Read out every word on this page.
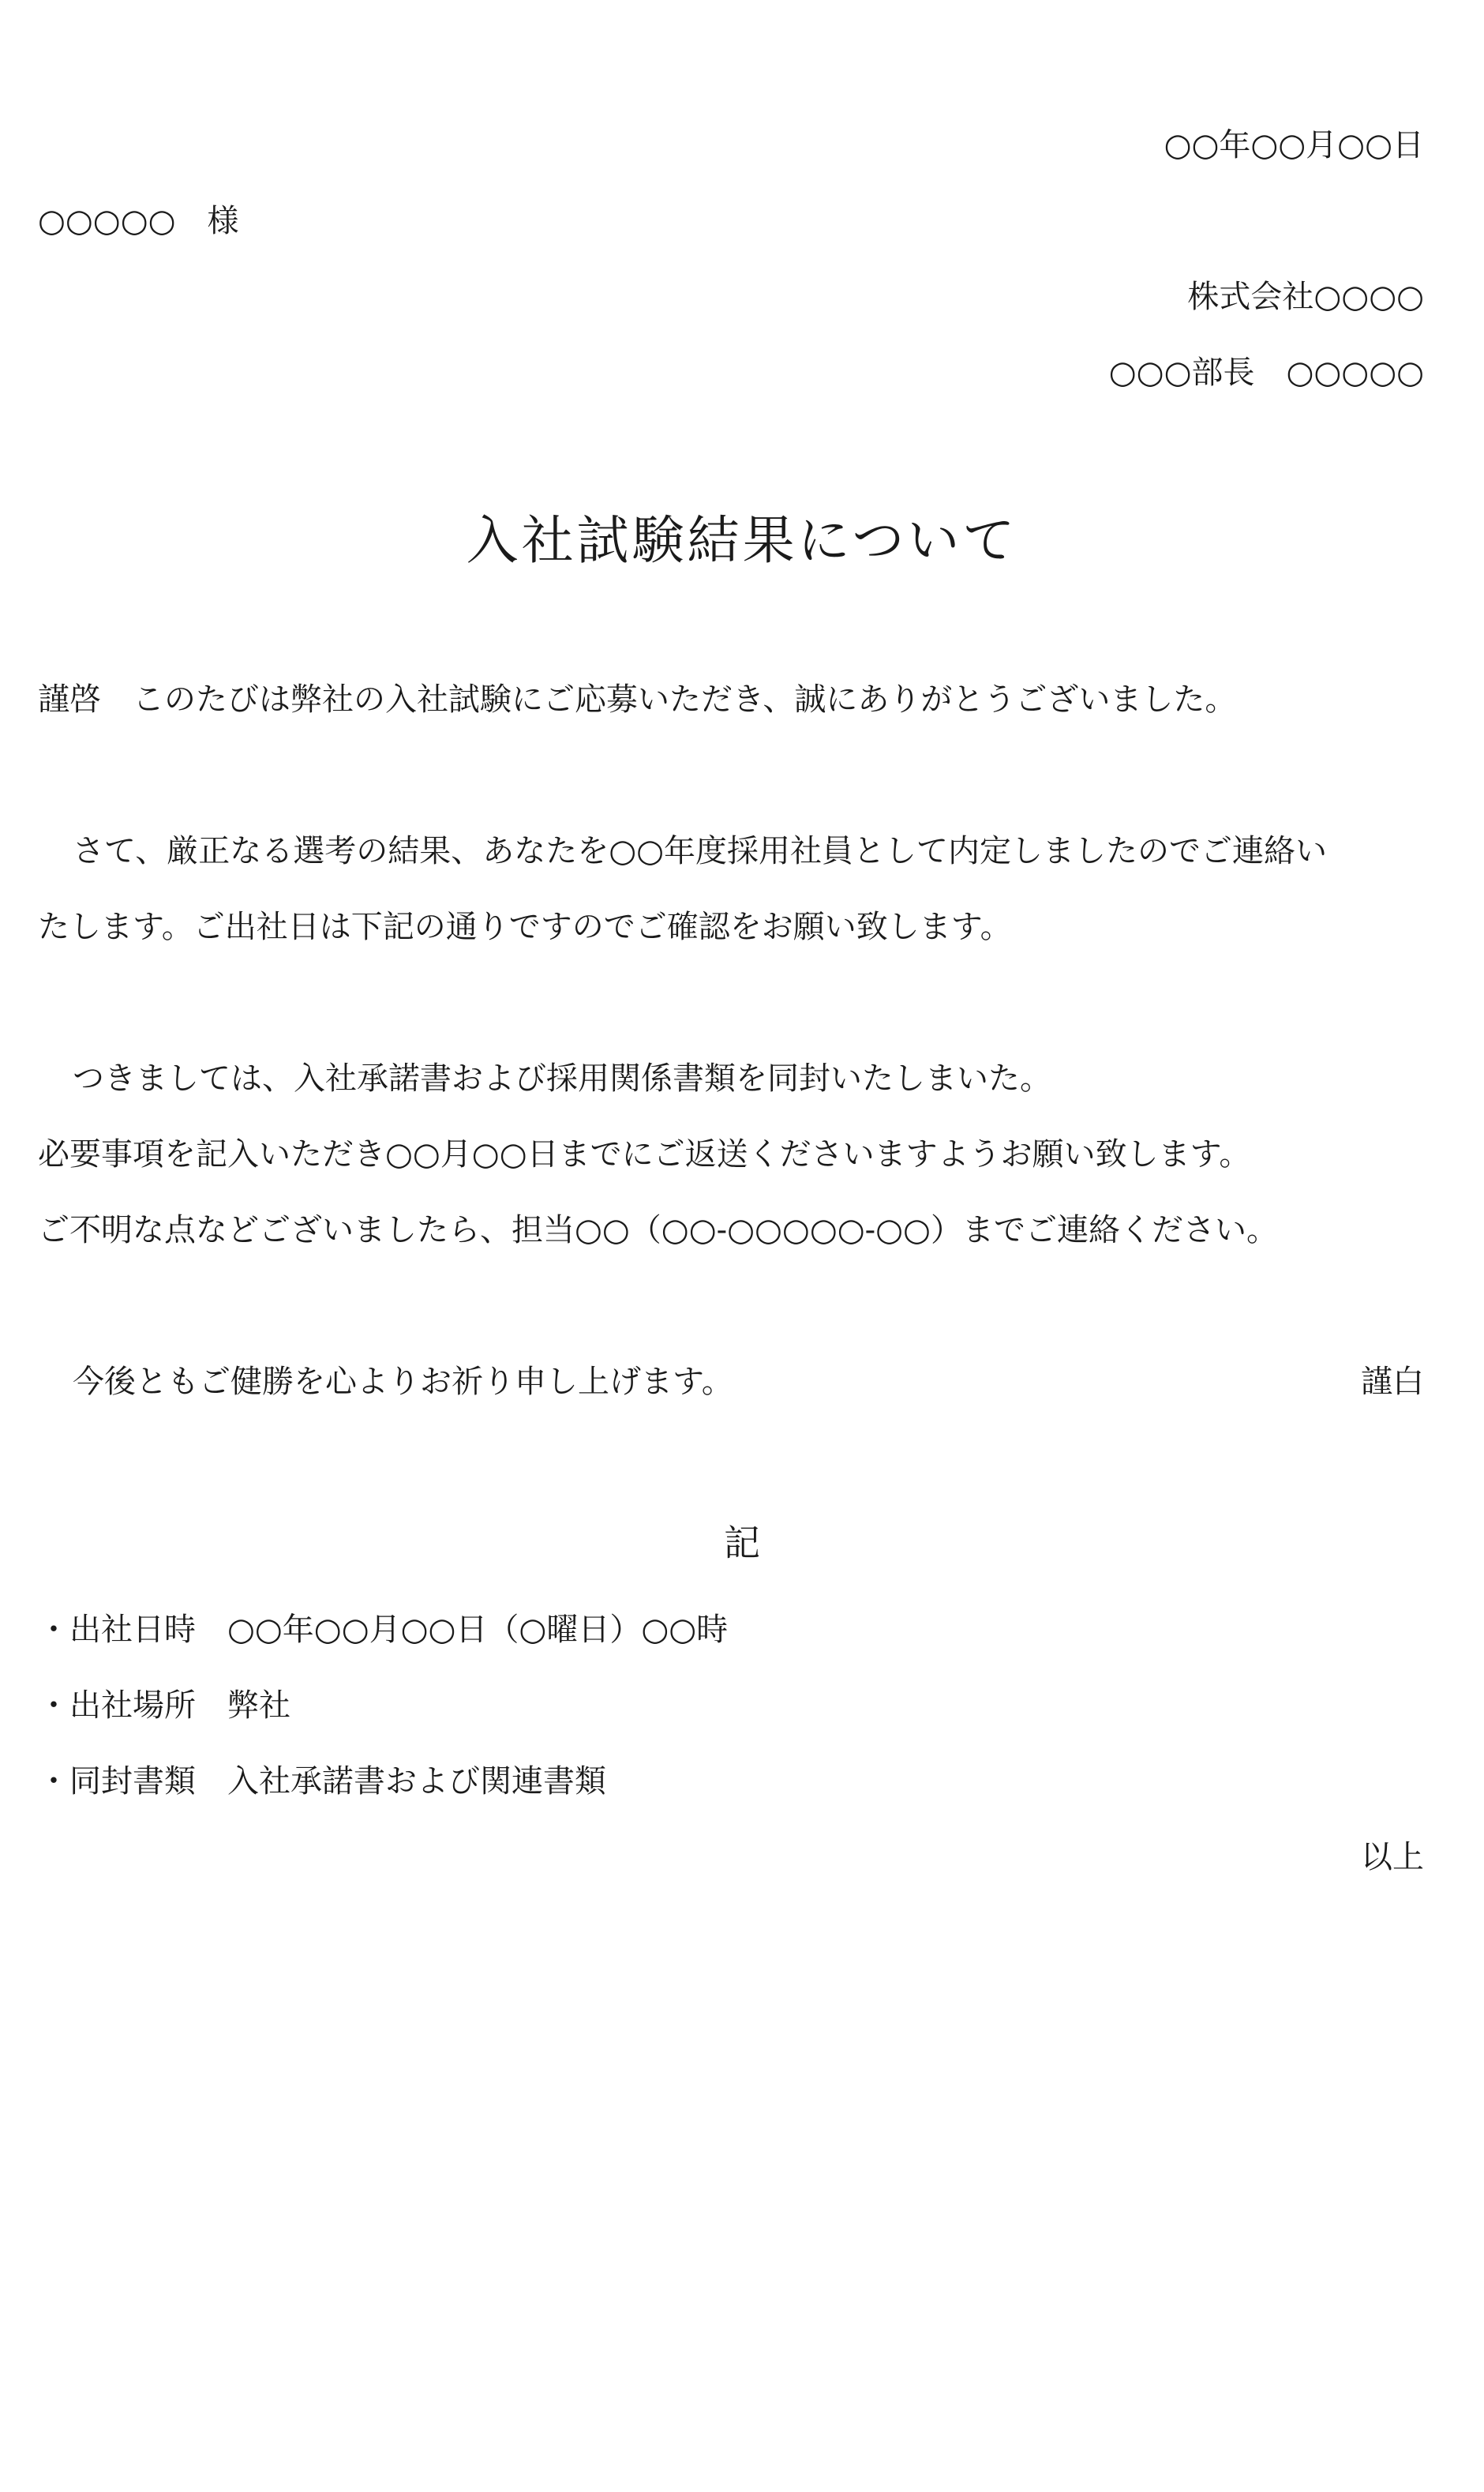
○○年○○月○○日

○○○○○　様

株式会社○○○○

○○○部長　○○○○○

入社試験結果について

謹啓　このたびは弊社の入社試験にご応募いただき、誠にありがとうございました。

さて、厳正なる選考の結果、あなたを○○年度採用社員として内定しましたのでご連絡い

たします。ご出社日は下記の通りですのでご確認をお願い致します。

つきましては、入社承諾書および採用関係書類を同封いたしまいた。

必要事項を記入いただき○○月○○日までにご返送くださいますようお願い致します。

ご不明な点などございましたら、担当○○（○○-○○○○○-○○）までご連絡ください。

今後ともご健勝を心よりお祈り申し上げます。	謹白

記

・出社日時 ○○年○○月○○日（○曜日）○○時

・出社場所 弊社

・同封書類 入社承諾書および関連書類

以上
